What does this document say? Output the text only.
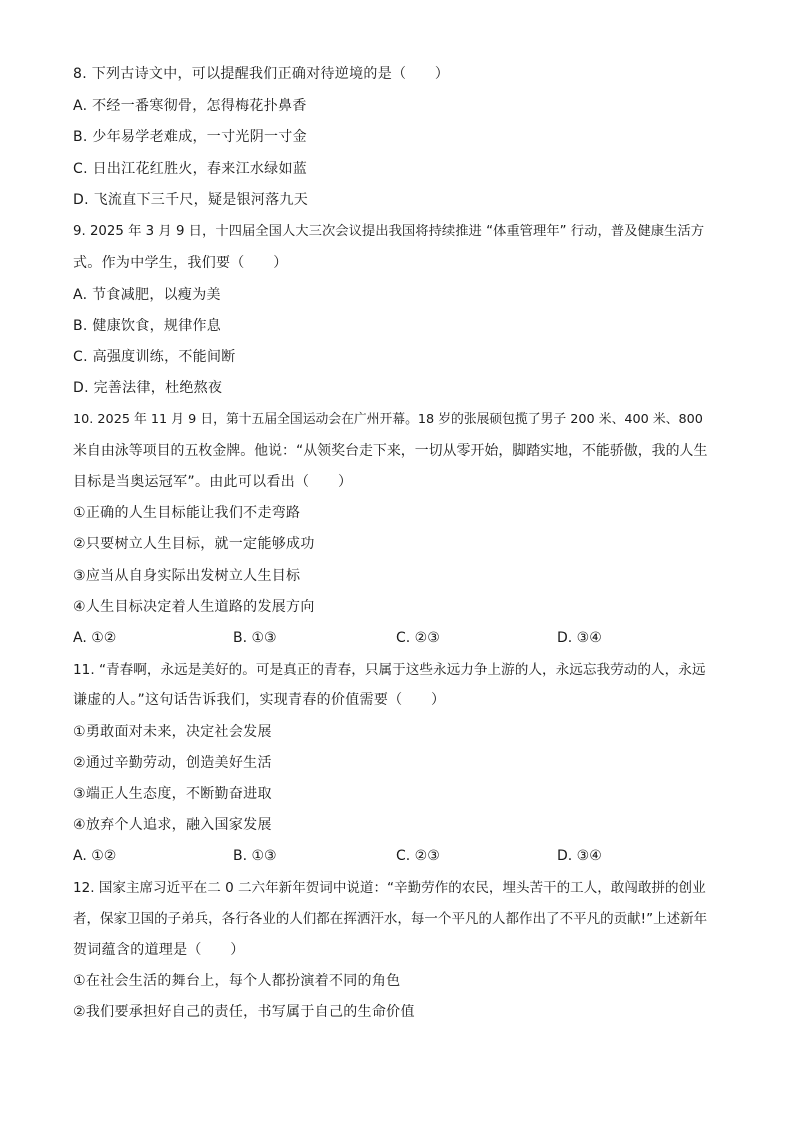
8. 下列古诗文中，可以提醒我们正确对待逆境的是（　　）
A. 不经一番寒彻骨，怎得梅花扑鼻香
B. 少年易学老难成，一寸光阴一寸金
C. 日出江花红胜火，春来江水绿如蓝
D. 飞流直下三千尺，疑是银河落九天
9. 2025 年 3 月 9 日，十四届全国人大三次会议提出我国将持续推进 “体重管理年” 行动，普及健康生活方
式。作为中学生，我们要（　　）
A. 节食减肥，以瘦为美
B. 健康饮食，规律作息
C. 高强度训练，不能间断
D. 完善法律，杜绝熬夜
10. 2025 年 11 月 9 日，第十五届全国运动会在广州开幕。18 岁的张展硕包揽了男子 200 米、400 米、800
米自由泳等项目的五枚金牌。他说：“从领奖台走下来，一切从零开始，脚踏实地，不能骄傲，我的人生
目标是当奥运冠军”。由此可以看出（　　）
①正确的人生目标能让我们不走弯路
②只要树立人生目标，就一定能够成功
③应当从自身实际出发树立人生目标
④人生目标决定着人生道路的发展方向
A. ①②	B. ①③	C. ②③	D. ③④
11. “青春啊，永远是美好的。可是真正的青春，只属于这些永远力争上游的人，永远忘我劳动的人，永远
谦虚的人。”这句话告诉我们，实现青春的价值需要（　　）
①勇敢面对未来，决定社会发展
②通过辛勤劳动，创造美好生活
③端正人生态度，不断勤奋进取
④放弃个人追求，融入国家发展
A. ①②	B. ①③	C. ②③	D. ③④
12. 国家主席习近平在二 0 二六年新年贺词中说道：“辛勤劳作的农民，埋头苦干的工人，敢闯敢拼的创业
者，保家卫国的子弟兵，各行各业的人们都在挥洒汗水，每一个平凡的人都作出了不平凡的贡献!”上述新年
贺词蕴含的道理是（　　）
①在社会生活的舞台上，每个人都扮演着不同的角色
②我们要承担好自己的责任，书写属于自己的生命价值
